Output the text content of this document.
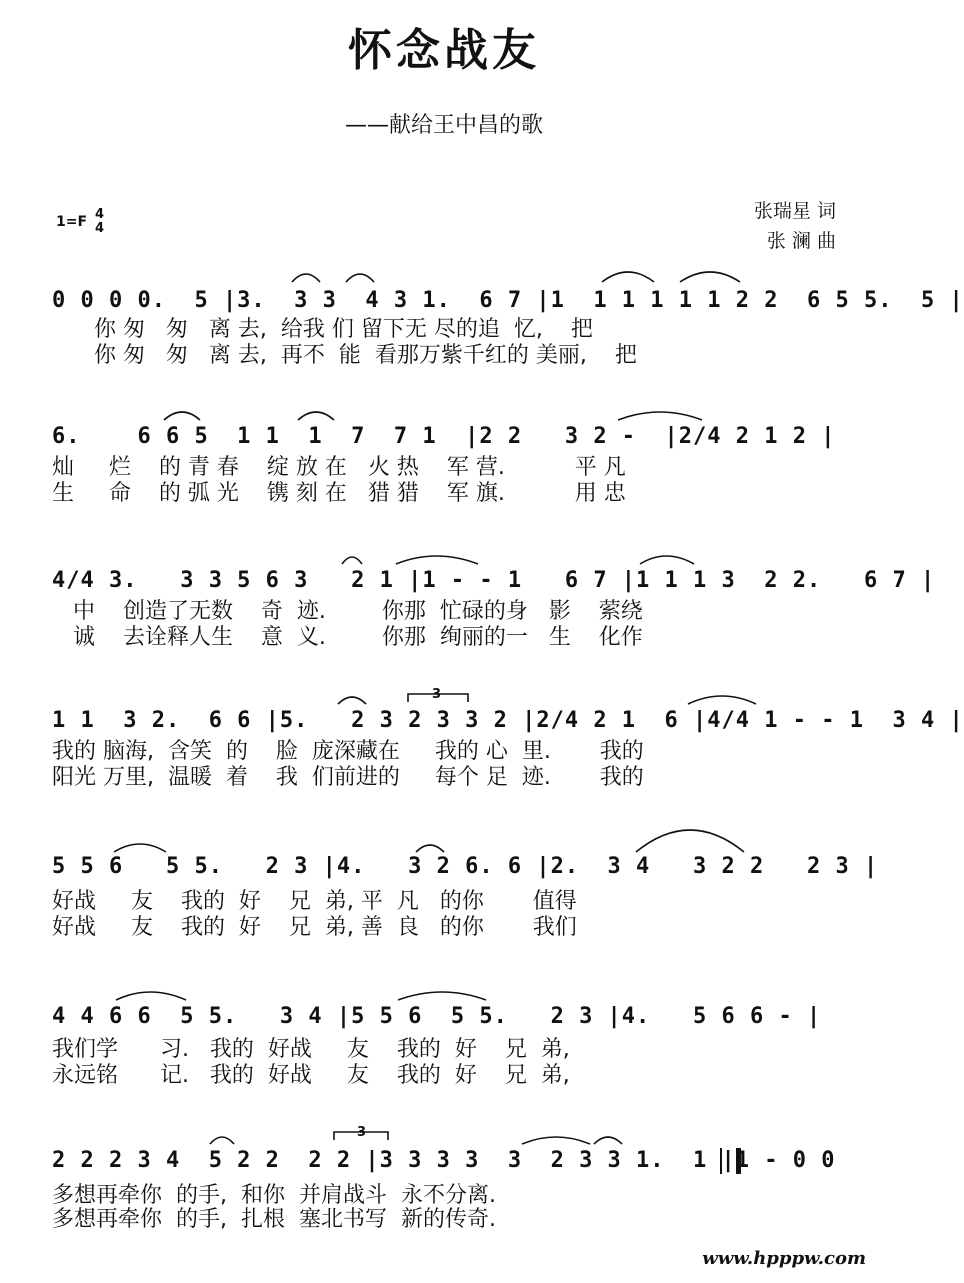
怀念战友
——献给王中昌的歌
1=F 4
4
张瑞星 词
张 澜 曲
0 0 0 0.  5 |3.  3 3  4 3 1.  6 7 |1  1 1 1 1 1 2 2  6 5 5.  5 |
你 匆   匆   离 去,  给我 们 留下无 尽的追  忆,    把
你 匆   匆   离 去,  再不  能  看那万紫千红的 美丽,    把
6.    6 6 5  1 1  1  7  7 1  |2 2   3 2 -  |2/4 2 1 2 |
灿     烂    的 青 春    绽 放 在   火 热    军 营.          平 凡
生     命    的 弧 光    镌 刻 在   猎 猎    军 旗.          用 忠
4/4 3.   3 3 5 6 3   2 1 |1 - - 1   6 7 |1 1 1 3  2 2.   6 7 |
中    创造了无数    奇  迹.        你那  忙碌的身   影    萦绕
诚    去诠释人生    意  义.        你那  绚丽的一   生    化作
1 1  3 2.  6 6 |5.   2 3 2 3 3 2 |2/4 2 1  6 |4/4 1 - - 1  3 4 |
我的 脑海,  含笑  的    脸  庞深藏在     我的 心  里.       我的
阳光 万里,  温暖  着    我  们前进的     每个 足  迹.       我的
5 5 6   5 5.   2 3 |4.   3 2 6. 6 |2.  3 4   3 2 2   2 3 |
好战     友    我的  好    兄  弟, 平  凡   的你       值得
好战     友    我的  好    兄  弟, 善  良   的你       我们
4 4 6 6  5 5.   3 4 |5 5 6  5 5.   2 3 |4.   5 6 6 - |
我们学      习.   我的  好战     友    我的  好    兄  弟,
永远铭      记.   我的  好战     友    我的  好    兄  弟,
2 2 2 3 4  5 2 2  2 2 |3 3 3 3  3  2 3 3 1.  1 |1 - 0 0
多想再牵你  的手,  和你  并肩战斗  永不分离.
多想再牵你  的手,  扎根  塞北书写  新的传奇.
3
3
www.hpppw.com
